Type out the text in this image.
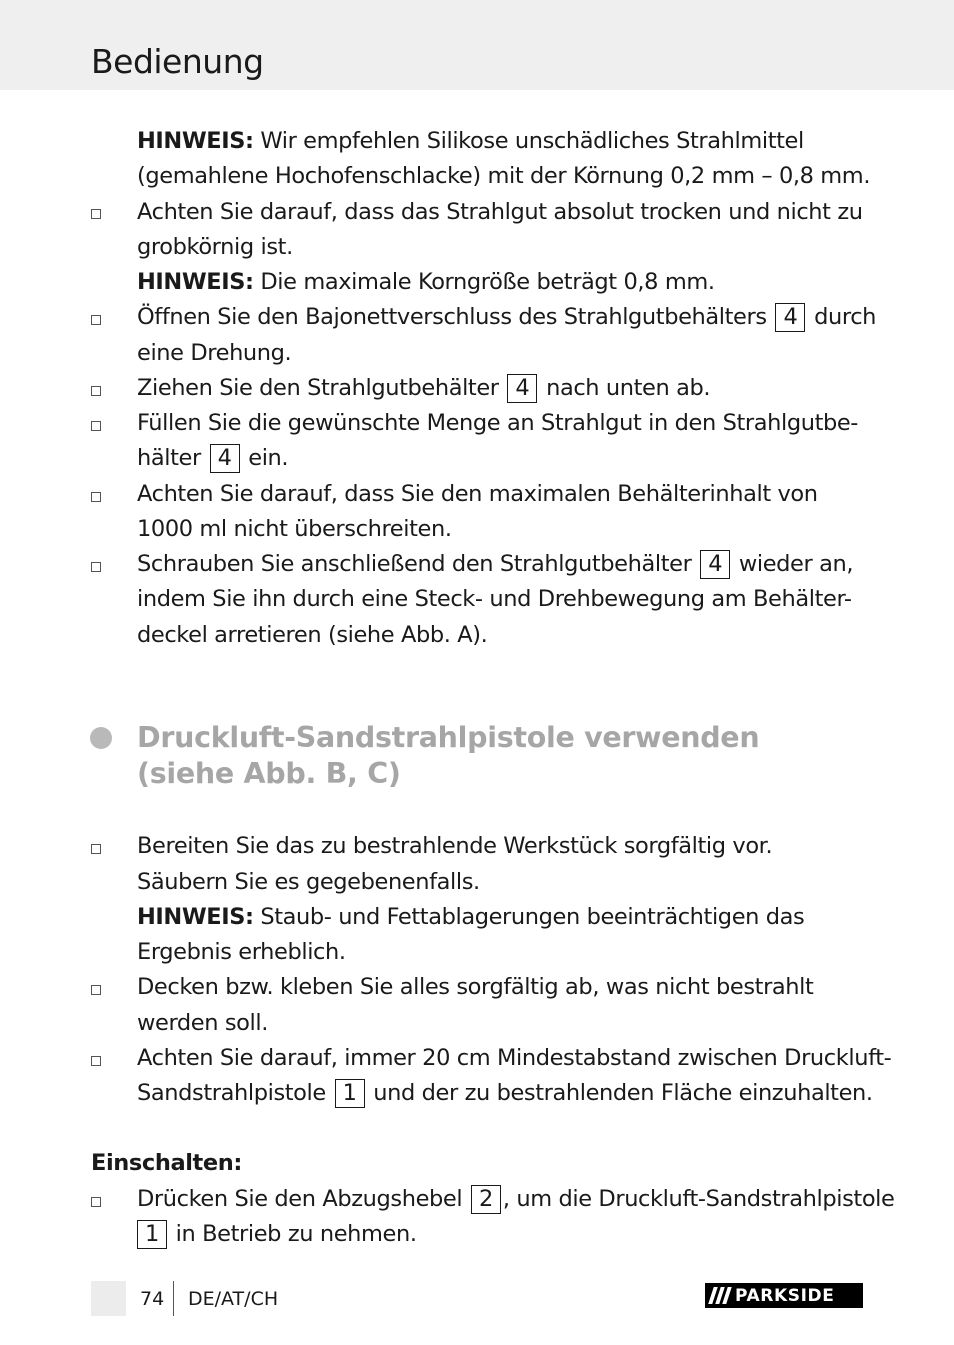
Bedienung

HINWEIS: Wir empfehlen Silikose unschädliches Strahlmittel

(gemahlene Hochofenschlacke) mit der Körnung 0,2 mm – 0,8 mm.

Achten Sie darauf, dass das Strahlgut absolut trocken und nicht zu

grobkörnig ist.

HINWEIS: Die maximale Korngröße beträgt 0,8 mm.

Öffnen Sie den Bajonettverschluss des Strahlgutbehälters 4 durch

eine Drehung.

Ziehen Sie den Strahlgutbehälter 4 nach unten ab.

Füllen Sie die gewünschte Menge an Strahlgut in den Strahlgutbe-

hälter 4 ein.

Achten Sie darauf, dass Sie den maximalen Behälterinhalt von

1000 ml nicht überschreiten.

Schrauben Sie anschließend den Strahlgutbehälter 4 wieder an,

indem Sie ihn durch eine Steck- und Drehbewegung am Behälter-

deckel arretieren (siehe Abb. A).

Druckluft-Sandstrahlpistole verwenden
(siehe Abb. B, C)

Bereiten Sie das zu bestrahlende Werkstück sorgfältig vor.

Säubern Sie es gegebenenfalls.

HINWEIS: Staub- und Fettablagerungen beeinträchtigen das

Ergebnis erheblich.

Decken bzw. kleben Sie alles sorgfältig ab, was nicht bestrahlt

werden soll.

Achten Sie darauf, immer 20 cm Mindestabstand zwischen Druckluft-

Sandstrahlpistole 1 und der zu bestrahlenden Fläche einzuhalten.

Einschalten:

Drücken Sie den Abzugshebel 2 , um die Druckluft-Sandstrahlpistole

1 in Betrieb zu nehmen.

74 DE/AT/CH	PARKSIDE
